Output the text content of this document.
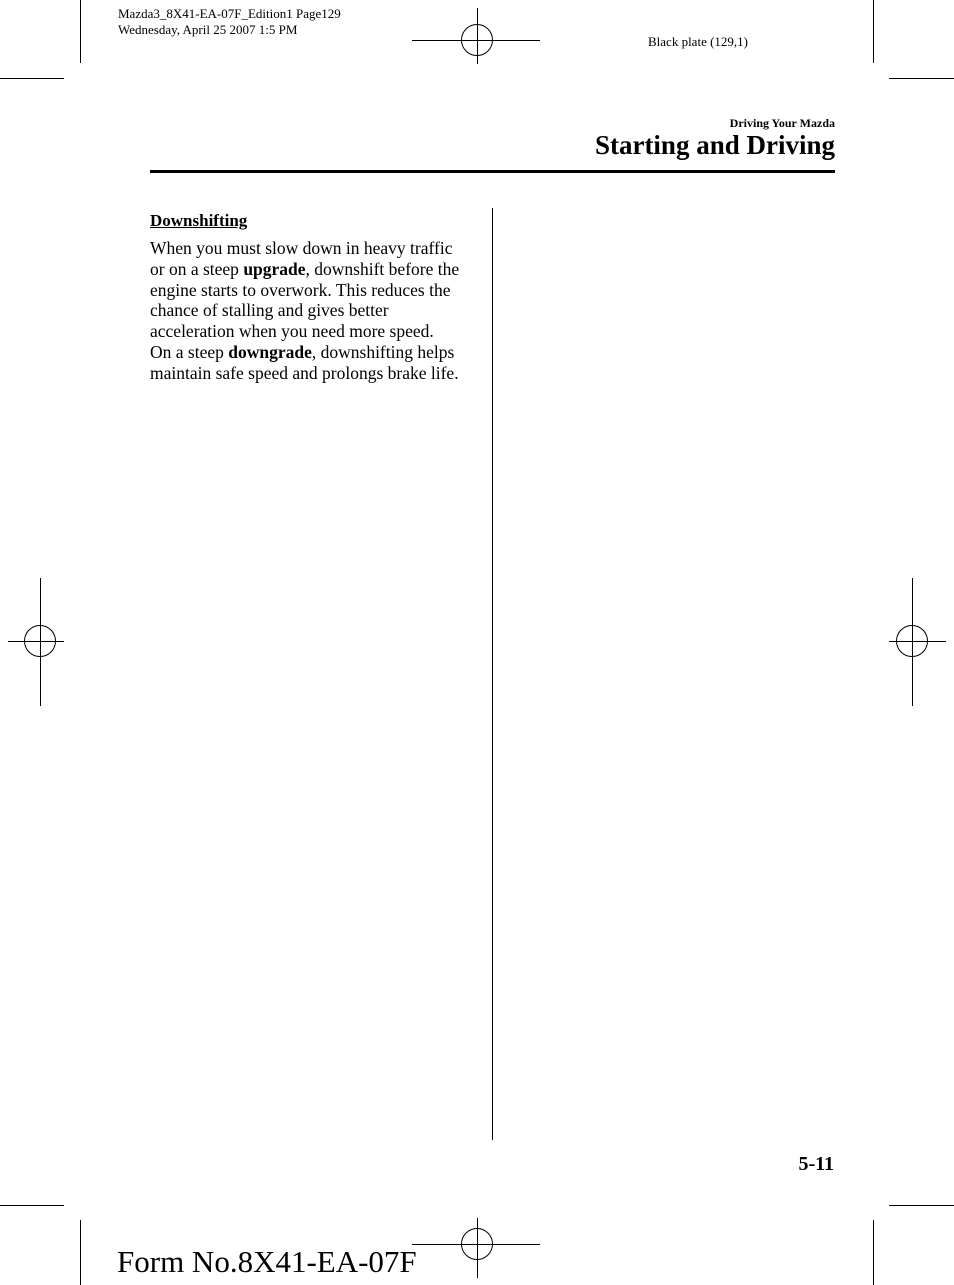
Mazda3_8X41-EA-07F_Edition1 Page129
Wednesday, April 25 2007 1:5 PM
Black plate (129,1)
Driving Your Mazda
Starting and Driving
Downshifting

When you must slow down in heavy traffic or on a steep upgrade, downshift before the engine starts to overwork. This reduces the chance of stalling and gives better acceleration when you need more speed.

On a steep downgrade, downshifting helps maintain safe speed and prolongs brake life.

5-11
Form No.8X41-EA-07F
